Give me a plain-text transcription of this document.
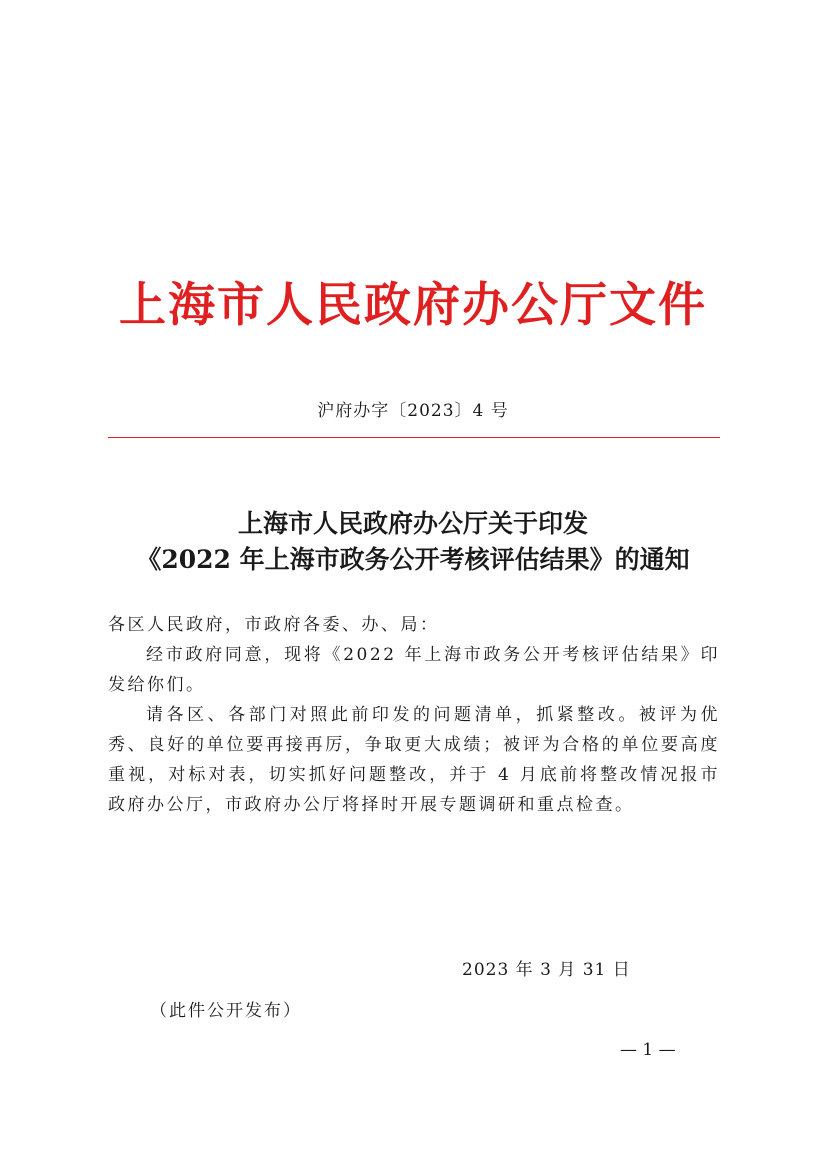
上海市人民政府办公厅文件
沪府办字〔2023〕4 号
上海市人民政府办公厅关于印发
《2022 年上海市政务公开考核评估结果》的通知

各区人民政府，市政府各委、办、局：

经市政府同意，现将《2022 年上海市政务公开考核评估结果》印发给你们。

请各区、各部门对照此前印发的问题清单，抓紧整改。被评为优秀、良好的单位要再接再厉，争取更大成绩；被评为合格的单位要高度重视，对标对表，切实抓好问题整改，并于 4 月底前将整改情况报市政府办公厅，市政府办公厅将择时开展专题调研和重点检查。

2023 年 3 月 31 日
（此件公开发布）
— 1 —
